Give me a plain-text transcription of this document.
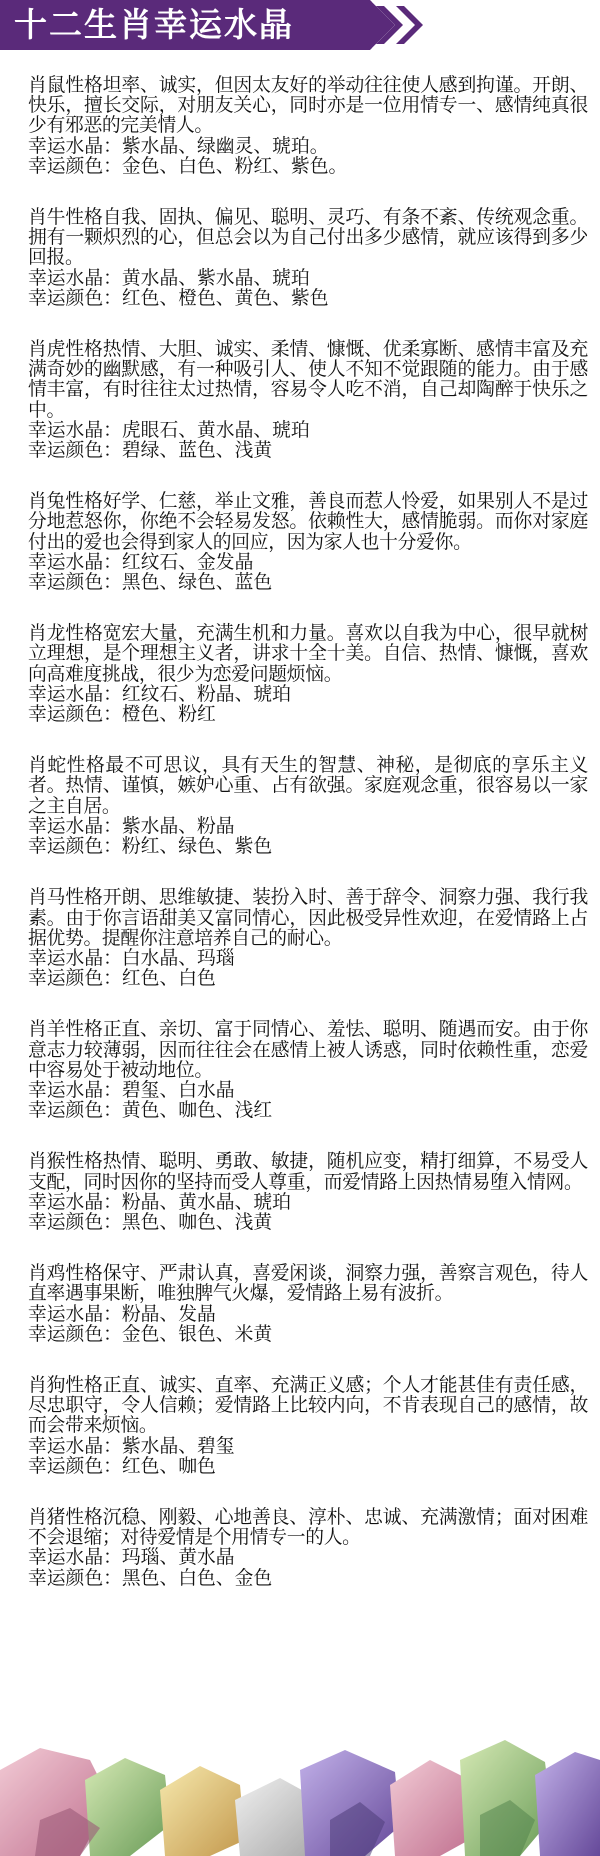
十二生肖幸运水晶

肖鼠性格坦率、诚实，但因太友好的举动往往使人感到拘谨。开朗、快乐，擅长交际，对朋友关心，同时亦是一位用情专一、感情纯真很少有邪恶的完美情人。

幸运水晶：紫水晶、绿幽灵、琥珀。

幸运颜色：金色、白色、粉红、紫色。

肖牛性格自我、固执、偏见、聪明、灵巧、有条不紊、传统观念重。拥有一颗炽烈的心，但总会以为自己付出多少感情，就应该得到多少回报。

幸运水晶：黄水晶、紫水晶、琥珀

幸运颜色：红色、橙色、黄色、紫色

肖虎性格热情、大胆、诚实、柔情、慷慨、优柔寡断、感情丰富及充满奇妙的幽默感，有一种吸引人、使人不知不觉跟随的能力。由于感情丰富，有时往往太过热情，容易令人吃不消，自己却陶醉于快乐之中。

幸运水晶：虎眼石、黄水晶、琥珀

幸运颜色：碧绿、蓝色、浅黄

肖兔性格好学、仁慈，举止文雅，善良而惹人怜爱，如果别人不是过分地惹怒你，你绝不会轻易发怒。依赖性大，感情脆弱。而你对家庭付出的爱也会得到家人的回应，因为家人也十分爱你。

幸运水晶：红纹石、金发晶

幸运颜色：黑色、绿色、蓝色

肖龙性格宽宏大量，充满生机和力量。喜欢以自我为中心，很早就树立理想，是个理想主义者，讲求十全十美。自信、热情、慷慨，喜欢向高难度挑战，很少为恋爱问题烦恼。

幸运水晶：红纹石、粉晶、琥珀

幸运颜色：橙色、粉红

肖蛇性格最不可思议，具有天生的智慧、神秘，是彻底的享乐主义者。热情、谨慎，嫉妒心重、占有欲强。家庭观念重，很容易以一家之主自居。

幸运水晶：紫水晶、粉晶

幸运颜色：粉红、绿色、紫色

肖马性格开朗、思维敏捷、装扮入时、善于辞令、洞察力强、我行我素。由于你言语甜美又富同情心，因此极受异性欢迎，在爱情路上占据优势。提醒你注意培养自己的耐心。

幸运水晶：白水晶、玛瑙

幸运颜色：红色、白色

肖羊性格正直、亲切、富于同情心、羞怯、聪明、随遇而安。由于你意志力较薄弱，因而往往会在感情上被人诱惑，同时依赖性重，恋爱中容易处于被动地位。

幸运水晶：碧玺、白水晶

幸运颜色：黄色、咖色、浅红

肖猴性格热情、聪明、勇敢、敏捷，随机应变，精打细算，不易受人支配，同时因你的坚持而受人尊重，而爱情路上因热情易堕入情网。

幸运水晶：粉晶、黄水晶、琥珀

幸运颜色：黑色、咖色、浅黄

肖鸡性格保守、严肃认真，喜爱闲谈，洞察力强，善察言观色，待人直率遇事果断，唯独脾气火爆，爱情路上易有波折。

幸运水晶：粉晶、发晶

幸运颜色：金色、银色、米黄

肖狗性格正直、诚实、直率、充满正义感；个人才能甚佳有责任感，尽忠职守，令人信赖；爱情路上比较内向，不肯表现自己的感情，故而会带来烦恼。

幸运水晶：紫水晶、碧玺

幸运颜色：红色、咖色

肖猪性格沉稳、刚毅、心地善良、淳朴、忠诚、充满激情；面对困难不会退缩；对待爱情是个用情专一的人。

幸运水晶：玛瑙、黄水晶

幸运颜色：黑色、白色、金色
